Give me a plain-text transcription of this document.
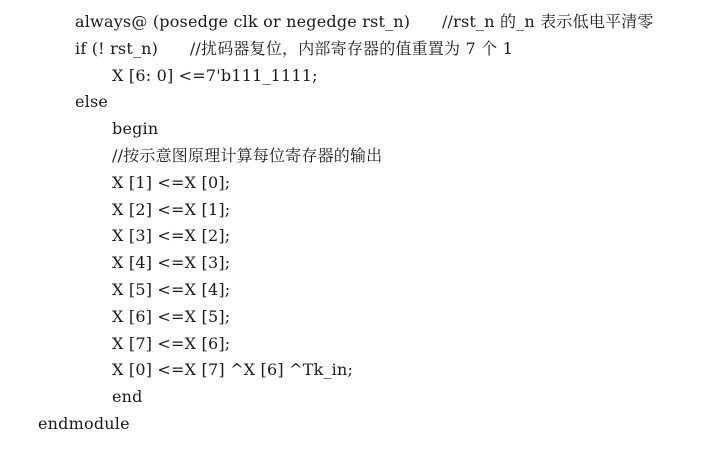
always@ (posedge clk or negedge rst_n)      //rst_n 的_n 表示低电平清零
if (! rst_n)      //扰码器复位，内部寄存器的值重置为 7 个 1
X [6: 0] <=7'b111_1111;
else
begin
//按示意图原理计算每位寄存器的输出
X [1] <=X [0];
X [2] <=X [1];
X [3] <=X [2];
X [4] <=X [3];
X [5] <=X [4];
X [6] <=X [5];
X [7] <=X [6];
X [0] <=X [7] ^X [6] ^Tk_in;
end
endmodule
